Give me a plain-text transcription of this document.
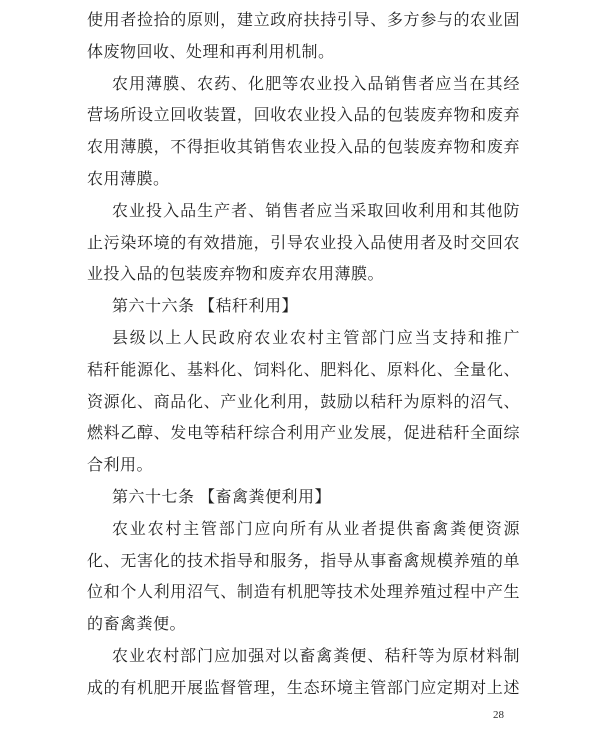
使用者捡拾的原则，建立政府扶持引导、多方参与的农业固
体废物回收、处理和再利用机制。
农用薄膜、农药、化肥等农业投入品销售者应当在其经
营场所设立回收装置，回收农业投入品的包装废弃物和废弃
农用薄膜，不得拒收其销售农业投入品的包装废弃物和废弃
农用薄膜。
农业投入品生产者、销售者应当采取回收利用和其他防
止污染环境的有效措施，引导农业投入品使用者及时交回农
业投入品的包装废弃物和废弃农用薄膜。
第六十六条 【秸秆利用】
县级以上人民政府农业农村主管部门应当支持和推广
秸秆能源化、基料化、饲料化、肥料化、原料化、全量化、
资源化、商品化、产业化利用，鼓励以秸秆为原料的沼气、
燃料乙醇、发电等秸秆综合利用产业发展，促进秸秆全面综
合利用。
第六十七条 【畜禽粪便利用】
农业农村主管部门应向所有从业者提供畜禽粪便资源
化、无害化的技术指导和服务，指导从事畜禽规模养殖的单
位和个人利用沼气、制造有机肥等技术处理养殖过程中产生
的畜禽粪便。
农业农村部门应加强对以畜禽粪便、秸秆等为原材料制
成的有机肥开展监督管理，生态环境主管部门应定期对上述
28
